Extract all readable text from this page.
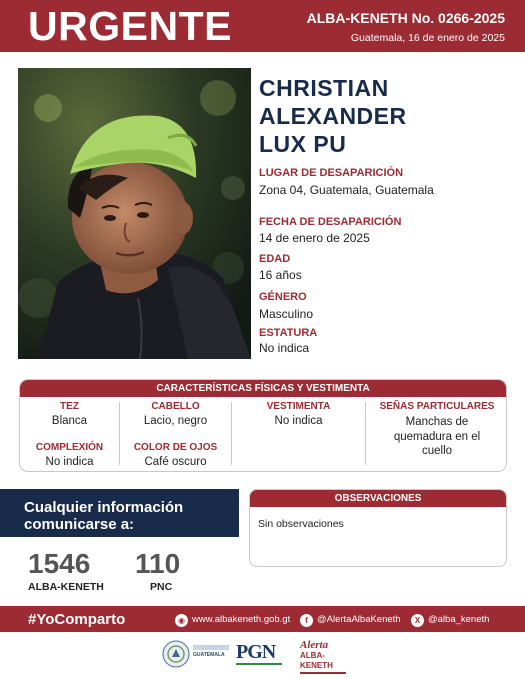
URGENTE	ALBA-KENETH No. 0266-2025
Guatemala, 16 de enero de 2025
CHRISTIAN
ALEXANDER
LUX PU
LUGAR DE DESAPARICIÓN
Zona 04, Guatemala, Guatemala
FECHA DE DESAPARICIÓN
14 de enero de 2025
EDAD
16 años
GÉNERO
Masculino
ESTATURA
No indica
CARACTERÍSTICAS FÍSICAS Y VESTIMENTA
TEZ
Blanca
COMPLEXIÓN
No indica
CABELLO
Lacio, negro
COLOR DE OJOS
Café oscuro
VESTIMENTA
No indica
SEÑAS PARTICULARES
Manchas de
quemadura en el
cuello
Cualquier información
comunicarse a:
1546
ALBA-KENETH
110
PNC
OBSERVACIONES
Sin observaciones
#YoComparto	◉ www.albakeneth.gob.gt	f @AlertaAlbaKeneth	X @alba_keneth
GUATEMALA PGN	Alerta
ALBA-KENETH
